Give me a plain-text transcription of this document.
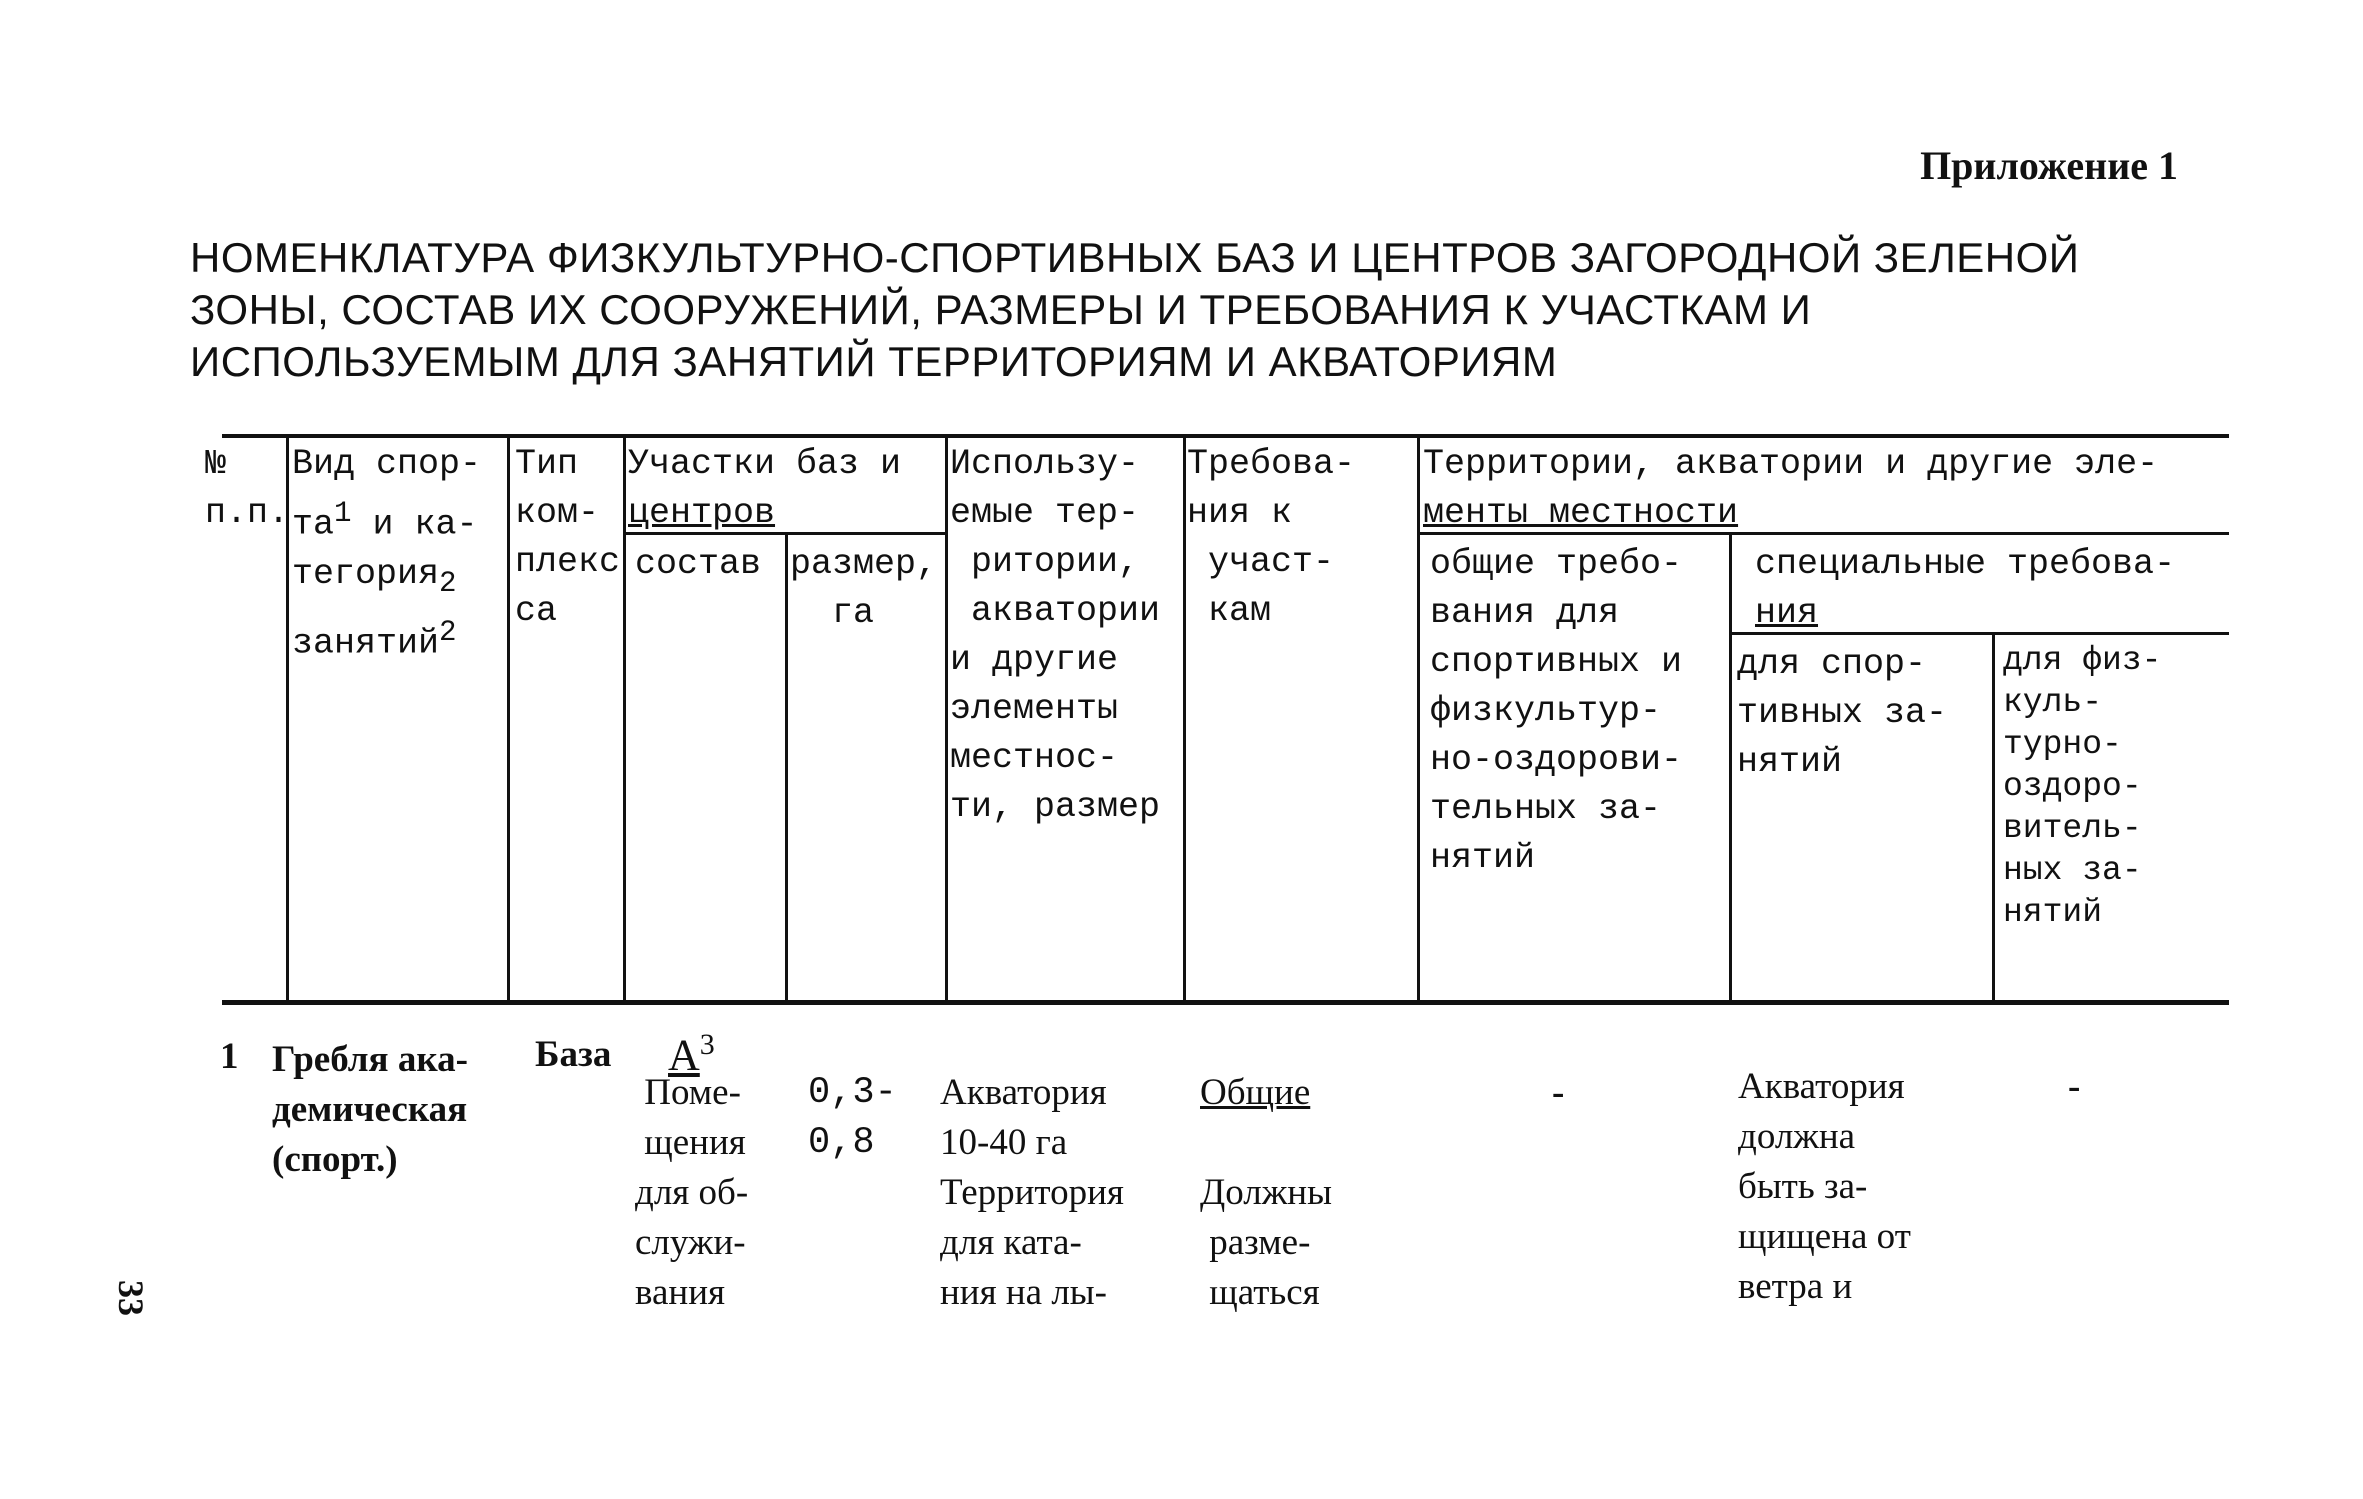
Приложение 1
НОМЕНКЛАТУРА ФИЗКУЛЬТУРНО-СПОРТИВНЫХ БАЗ И ЦЕНТРОВ ЗАГОРОДНОЙ ЗЕЛЕНОЙ
ЗОНЫ, СОСТАВ ИХ СООРУЖЕНИЙ, РАЗМЕРЫ И ТРЕБОВАНИЯ К УЧАСТКАМ И
ИСПОЛЬЗУЕМЫМ ДЛЯ ЗАНЯТИЙ ТЕРРИТОРИЯМ И АКВАТОРИЯМ
№
п.п.
Вид спор-
$та^1$ и ка-
тегория$_2$
занятий$^2$
Тип
ком-
плекс
са
Участки баз и
центров
состав размер,
га
Использу-
емые тер-
ритории,
акватории
и другие
элементы
местнос-
ти, размер
Требова-
ния к
участ-
кам
Территории, акватории и другие эле-
менты местности
общие требо-
вания для
спортивных и
физкультур-
но-оздорови-
тельных за-
нятий
специальные требова-
ния
для спор-
тивных за-
нятий
для физ-
куль-
турно-
оздоро-
витель-
ных за-
нятий
1 Гребля ака-
демическая
(спорт.)
База $А^3$
Поме-
щения
для об-
служи-
вания
0,3-
0,8
Акватория
10-40 га
Территория
для ката-
ния на лы-
Общие
Должны
разме-
щаться
-	Акватория
должна
быть за-
щищена от
ветра и
-
33
